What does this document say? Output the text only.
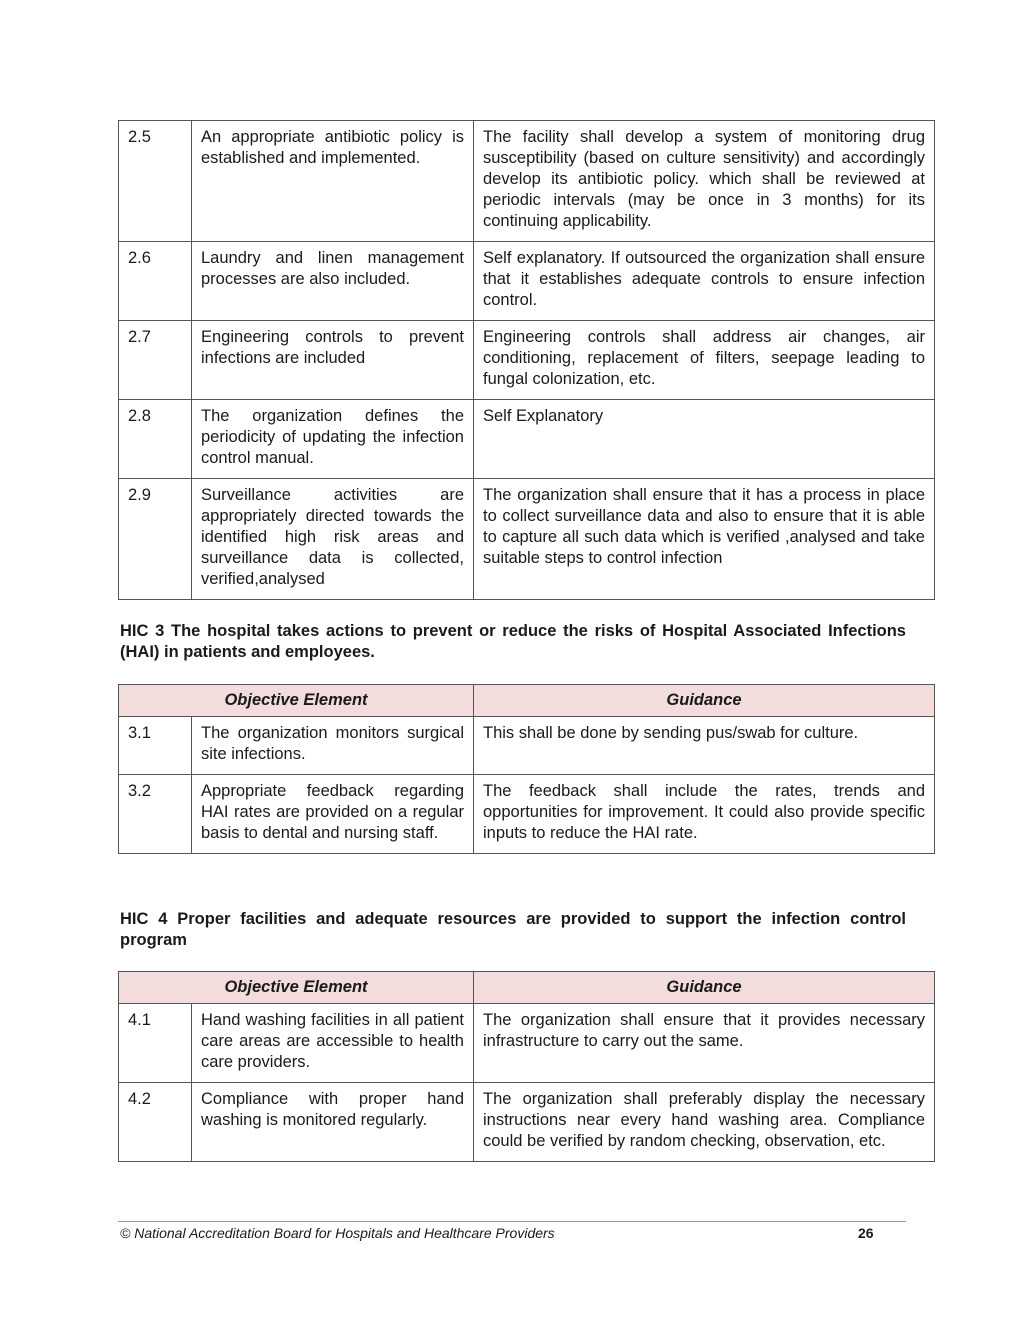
2.5	An appropriate antibiotic policy is established and implemented.	The facility shall develop a system of monitoring drug susceptibility (based on culture sensitivity) and accordingly develop its antibiotic policy. which shall be reviewed at periodic intervals (may be once in 3 months) for its continuing applicability.
2.6	Laundry and linen management processes are also included.	Self explanatory. If outsourced the organization shall ensure that it establishes adequate controls to ensure infection control.
2.7	Engineering controls to prevent infections are included	Engineering controls shall address air changes, air conditioning, replacement of filters, seepage leading to fungal colonization, etc.
2.8	The organization defines the periodicity of updating the infection control manual.	Self Explanatory
2.9	Surveillance activities are appropriately directed towards the identified high risk areas and surveillance data is collected, verified,analysed	The organization shall ensure that it has a process in place to collect surveillance data and also to ensure that it is able to capture all such data which is verified ,analysed and take suitable steps to control infection

HIC 3 The hospital takes actions to prevent or reduce the risks of Hospital Associated Infections (HAI) in patients and employees.

Objective Element		Guidance
3.1	The organization monitors surgical site infections.	This shall be done by sending pus/swab for culture.
3.2	Appropriate feedback regarding HAI rates are provided on a regular basis to dental and nursing staff.	The feedback shall include the rates, trends and opportunities for improvement. It could also provide specific inputs to reduce the HAI rate.

HIC 4 Proper facilities and adequate resources are provided to support the infection control program

Objective Element		Guidance
4.1	Hand washing facilities in all patient care areas are accessible to health care providers.	The organization shall ensure that it provides necessary infrastructure to carry out the same.
4.2	Compliance with proper hand washing is monitored regularly.	The organization shall preferably display the necessary instructions near every hand washing area. Compliance could be verified by random checking, observation, etc.
© National Accreditation Board for Hospitals and Healthcare Providers	26
